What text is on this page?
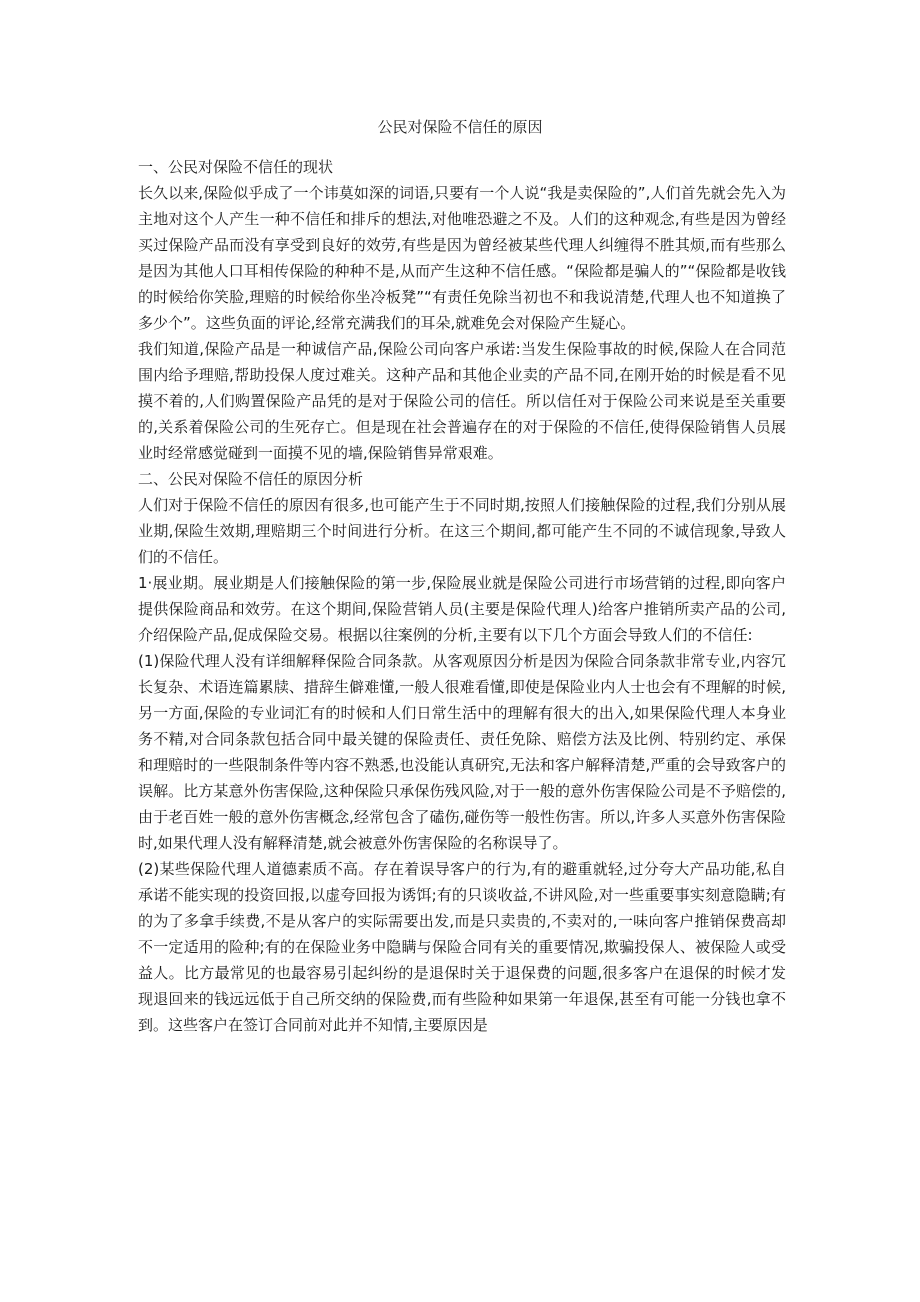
公民对保险不信任的原因

一、公民对保险不信任的现状

长久以来,保险似乎成了一个讳莫如深的词语,只要有一个人说“我是卖保险的”,人们首先就会先入为主地对这个人产生一种不信任和排斥的想法,对他唯恐避之不及。人们的这种观念,有些是因为曾经买过保险产品而没有享受到良好的效劳,有些是因为曾经被某些代理人纠缠得不胜其烦,而有些那么是因为其他人口耳相传保险的种种不是,从而产生这种不信任感。“保险都是骗人的”“保险都是收钱的时候给你笑脸,理赔的时候给你坐冷板凳”“有责任免除当初也不和我说清楚,代理人也不知道换了多少个”。这些负面的评论,经常充满我们的耳朵,就难免会对保险产生疑心。

我们知道,保险产品是一种诚信产品,保险公司向客户承诺:当发生保险事故的时候,保险人在合同范围内给予理赔,帮助投保人度过难关。这种产品和其他企业卖的产品不同,在刚开始的时候是看不见摸不着的,人们购置保险产品凭的是对于保险公司的信任。所以信任对于保险公司来说是至关重要的,关系着保险公司的生死存亡。但是现在社会普遍存在的对于保险的不信任,使得保险销售人员展业时经常感觉碰到一面摸不见的墙,保险销售异常艰难。

二、公民对保险不信任的原因分析

人们对于保险不信任的原因有很多,也可能产生于不同时期,按照人们接触保险的过程,我们分别从展业期,保险生效期,理赔期三个时间进行分析。在这三个期间,都可能产生不同的不诚信现象,导致人们的不信任。

1·展业期。展业期是人们接触保险的第一步,保险展业就是保险公司进行市场营销的过程,即向客户提供保险商品和效劳。在这个期间,保险营销人员(主要是保险代理人)给客户推销所卖产品的公司,介绍保险产品,促成保险交易。根据以往案例的分析,主要有以下几个方面会导致人们的不信任:

(1)保险代理人没有详细解释保险合同条款。从客观原因分析是因为保险合同条款非常专业,内容冗长复杂、术语连篇累牍、措辞生僻难懂,一般人很难看懂,即使是保险业内人士也会有不理解的时候,另一方面,保险的专业词汇有的时候和人们日常生活中的理解有很大的出入,如果保险代理人本身业务不精,对合同条款包括合同中最关键的保险责任、责任免除、赔偿方法及比例、特别约定、承保和理赔时的一些限制条件等内容不熟悉,也没能认真研究,无法和客户解释清楚,严重的会导致客户的误解。比方某意外伤害保险,这种保险只承保伤残风险,对于一般的意外伤害保险公司是不予赔偿的,由于老百姓一般的意外伤害概念,经常包含了磕伤,碰伤等一般性伤害。所以,许多人买意外伤害保险时,如果代理人没有解释清楚,就会被意外伤害保险的名称误导了。

(2)某些保险代理人道德素质不高。存在着误导客户的行为,有的避重就轻,过分夸大产品功能,私自承诺不能实现的投资回报,以虚夸回报为诱饵;有的只谈收益,不讲风险,对一些重要事实刻意隐瞒;有的为了多拿手续费,不是从客户的实际需要出发,而是只卖贵的,不卖对的,一味向客户推销保费高却不一定适用的险种;有的在保险业务中隐瞒与保险合同有关的重要情况,欺骗投保人、被保险人或受益人。比方最常见的也最容易引起纠纷的是退保时关于退保费的问题,很多客户在退保的时候才发现退回来的钱远远低于自己所交纳的保险费,而有些险种如果第一年退保,甚至有可能一分钱也拿不到。这些客户在签订合同前对此并不知情,主要原因是
